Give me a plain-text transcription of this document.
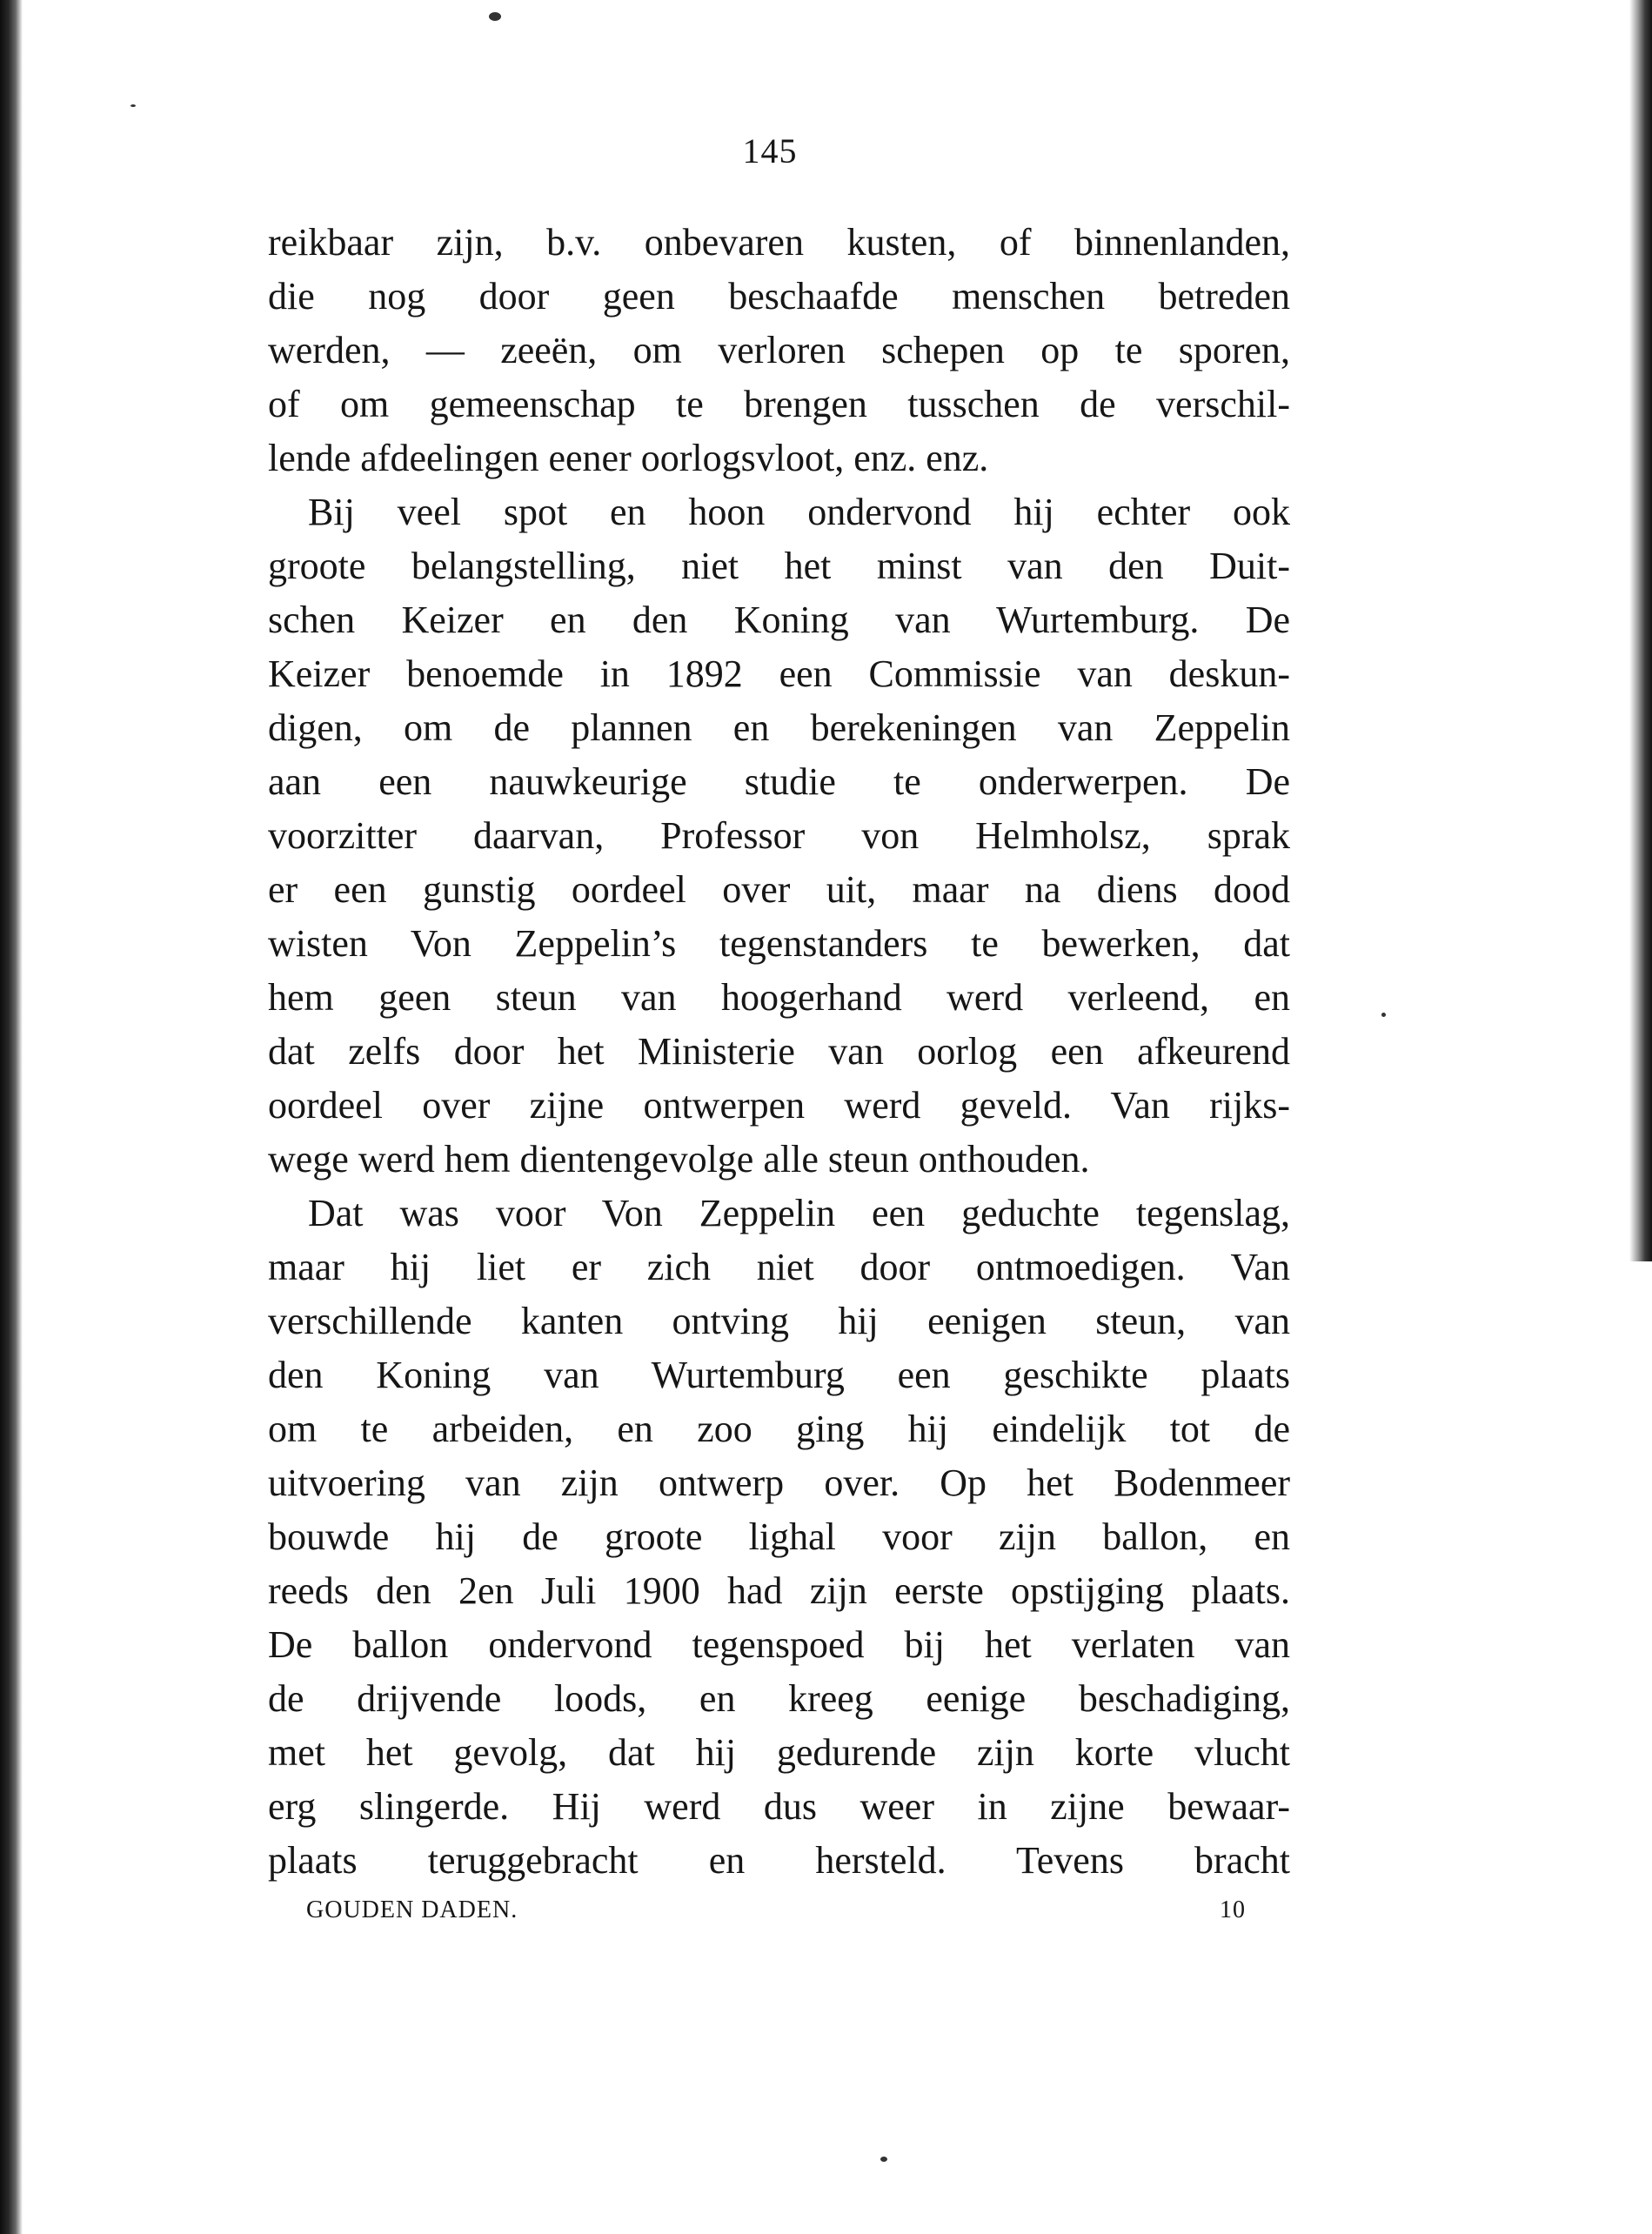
145
reikbaar zijn, b.v. onbevaren kusten, of binnenlanden,
die nog door geen beschaafde menschen betreden
werden, — zeeën, om verloren schepen op te sporen,
of om gemeenschap te brengen tusschen de verschil-
lende afdeelingen eener oorlogsvloot, enz. enz.
Bij veel spot en hoon ondervond hij echter ook
groote belangstelling, niet het minst van den Duit-
schen Keizer en den Koning van Wurtemburg. De
Keizer benoemde in 1892 een Commissie van deskun-
digen, om de plannen en berekeningen van Zeppelin
aan een nauwkeurige studie te onderwerpen. De
voorzitter daarvan, Professor von Helmholsz, sprak
er een gunstig oordeel over uit, maar na diens dood
wisten Von Zeppelin’s tegenstanders te bewerken, dat
hem geen steun van hoogerhand werd verleend, en
dat zelfs door het Ministerie van oorlog een afkeurend
oordeel over zijne ontwerpen werd geveld. Van rijks-
wege werd hem dientengevolge alle steun onthouden.
Dat was voor Von Zeppelin een geduchte tegenslag,
maar hij liet er zich niet door ontmoedigen. Van
verschillende kanten ontving hij eenigen steun, van
den Koning van Wurtemburg een geschikte plaats
om te arbeiden, en zoo ging hij eindelijk tot de
uitvoering van zijn ontwerp over. Op het Bodenmeer
bouwde hij de groote lighal voor zijn ballon, en
reeds den 2en Juli 1900 had zijn eerste opstijging plaats.
De ballon ondervond tegenspoed bij het verlaten van
de drijvende loods, en kreeg eenige beschadiging,
met het gevolg, dat hij gedurende zijn korte vlucht
erg slingerde. Hij werd dus weer in zijne bewaar-
plaats teruggebracht en hersteld. Tevens bracht
GOUDEN DADEN.	10
